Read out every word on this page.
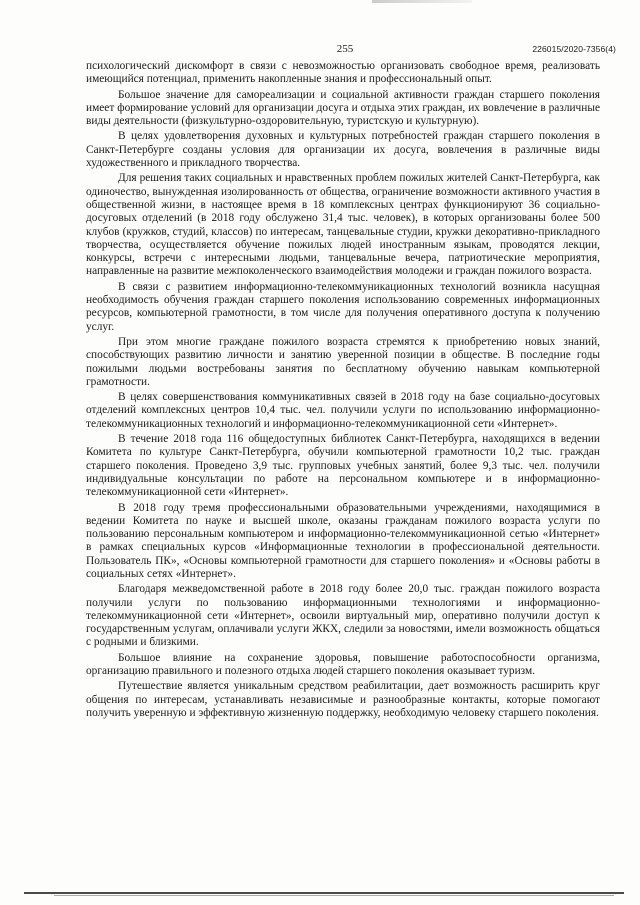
255	226015/2020-7356(4)

психологический дискомфорт в связи с невозможностью организовать свободное время, реализовать имеющийся потенциал, применить накопленные знания и профессиональный опыт.

Большое значение для самореализации и социальной активности граждан старшего поколения имеет формирование условий для организации досуга и отдыха этих граждан, их вовлечение в различные виды деятельности (физкультурно-оздоровительную, туристскую и культурную).

В целях удовлетворения духовных и культурных потребностей граждан старшего поколения в Санкт-Петербурге созданы условия для организации их досуга, вовлечения в различные виды художественного и прикладного творчества.

Для решения таких социальных и нравственных проблем пожилых жителей Санкт-Петербурга, как одиночество, вынужденная изолированность от общества, ограничение возможности активного участия в общественной жизни, в настоящее время в 18 комплексных центрах функционируют 36 социально-досуговых отделений (в 2018 году обслужено 31,4 тыс. человек), в которых организованы более 500 клубов (кружков, студий, классов) по интересам, танцевальные студии, кружки декоративно-прикладного творчества, осуществляется обучение пожилых людей иностранным языкам, проводятся лекции, конкурсы, встречи с интересными людьми, танцевальные вечера, патриотические мероприятия, направленные на развитие межпоколенческого взаимодействия молодежи и граждан пожилого возраста.

В связи с развитием информационно-телекоммуникационных технологий возникла насущная необходимость обучения граждан старшего поколения использованию современных информационных ресурсов, компьютерной грамотности, в том числе для получения оперативного доступа к получению услуг.

При этом многие граждане пожилого возраста стремятся к приобретению новых знаний, способствующих развитию личности и занятию уверенной позиции в обществе. В последние годы пожилыми людьми востребованы занятия по бесплатному обучению навыкам компьютерной грамотности.

В целях совершенствования коммуникативных связей в 2018 году на базе социально-досуговых отделений комплексных центров 10,4 тыс. чел. получили услуги по использованию информационно-телекоммуникационных технологий и информационно-телекоммуникационной сети «Интернет».

В течение 2018 года 116 общедоступных библиотек Санкт-Петербурга, находящихся в ведении Комитета по культуре Санкт-Петербурга, обучили компьютерной грамотности 10,2 тыс. граждан старшего поколения. Проведено 3,9 тыс. групповых учебных занятий, более 9,3 тыс. чел. получили индивидуальные консультации по работе на персональном компьютере и в информационно-телекоммуникационной сети «Интернет».

В 2018 году тремя профессиональными образовательными учреждениями, находящимися в ведении Комитета по науке и высшей школе, оказаны гражданам пожилого возраста услуги по пользованию персональным компьютером и информационно-телекоммуникационной сетью «Интернет» в рамках специальных курсов «Информационные технологии в профессиональной деятельности. Пользователь ПК», «Основы компьютерной грамотности для старшего поколения» и «Основы работы в социальных сетях «Интернет».

Благодаря межведомственной работе в 2018 году более 20,0 тыс. граждан пожилого возраста получили услуги по пользованию информационными технологиями и информационно-телекоммуникационной сети «Интернет», освоили виртуальный мир, оперативно получили доступ к государственным услугам, оплачивали услуги ЖКХ, следили за новостями, имели возможность общаться с родными и близкими.

Большое влияние на сохранение здоровья, повышение работоспособности организма, организацию правильного и полезного отдыха людей старшего поколения оказывает туризм.

Путешествие является уникальным средством реабилитации, дает возможность расширить круг общения по интересам, устанавливать независимые и разнообразные контакты, которые помогают получить уверенную и эффективную жизненную поддержку, необходимую человеку старшего поколения.
